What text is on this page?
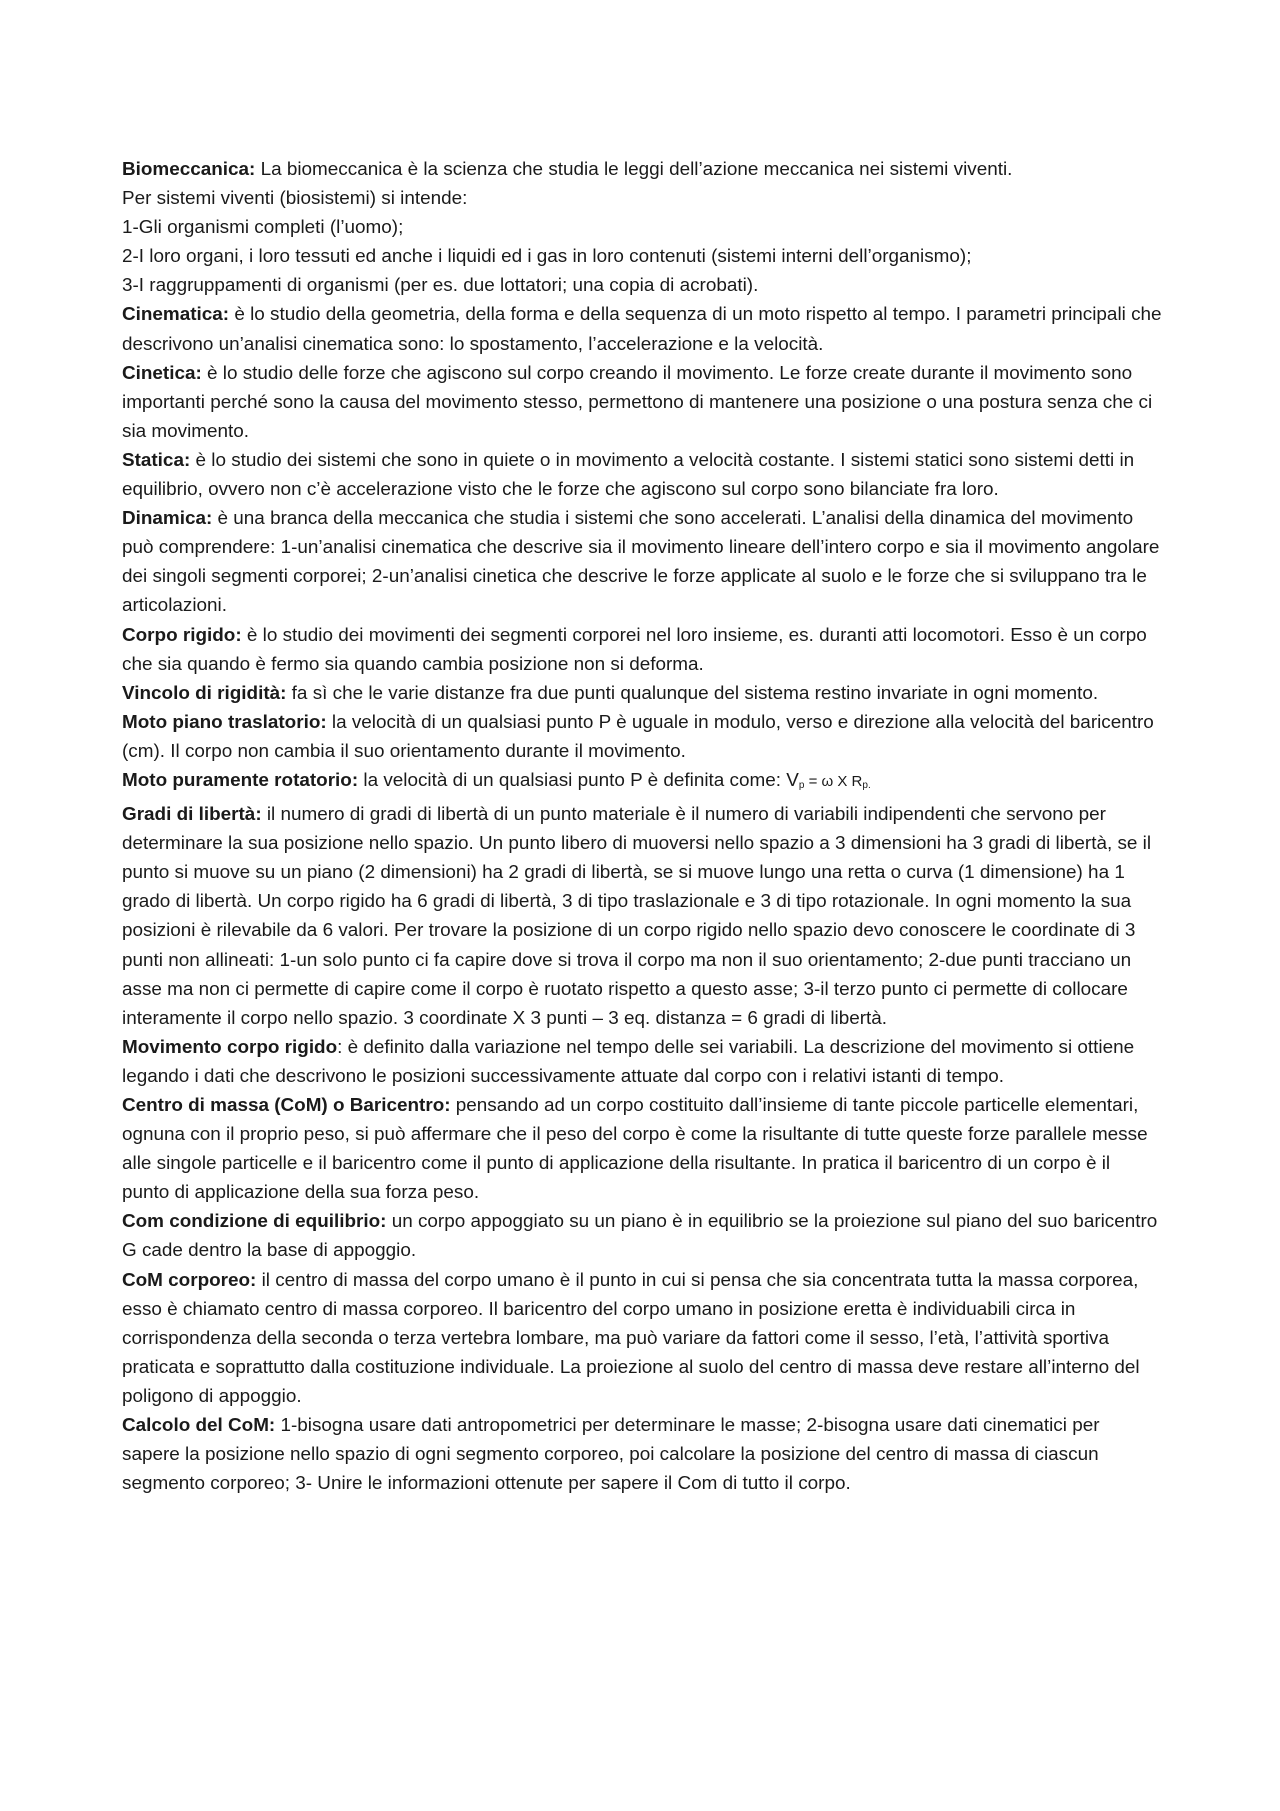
Biomeccanica: La biomeccanica è la scienza che studia le leggi dell’azione meccanica nei sistemi viventi.

Per sistemi viventi (biosistemi) si intende:

1-Gli organismi completi (l’uomo);

2-I loro organi, i loro tessuti ed anche i liquidi ed i gas in loro contenuti (sistemi interni dell’organismo);

3-I raggruppamenti di organismi (per es. due lottatori; una copia di acrobati).

Cinematica: è lo studio della geometria, della forma e della sequenza di un moto rispetto al tempo. I parametri principali che descrivono un’analisi cinematica sono: lo spostamento, l’accelerazione e la velocità.

Cinetica: è lo studio delle forze che agiscono sul corpo creando il movimento. Le forze create durante il movimento sono importanti perché sono la causa del movimento stesso, permettono di mantenere una posizione o una postura senza che ci sia movimento.

Statica: è lo studio dei sistemi che sono in quiete o in movimento a velocità costante. I sistemi statici sono sistemi detti in equilibrio, ovvero non c’è accelerazione visto che le forze che agiscono sul corpo sono bilanciate fra loro.

Dinamica: è una branca della meccanica che studia i sistemi che sono accelerati. L’analisi della dinamica del movimento può comprendere: 1-un’analisi cinematica che descrive sia il movimento lineare dell’intero corpo e sia il movimento angolare dei singoli segmenti corporei; 2-un’analisi cinetica che descrive le forze applicate al suolo e le forze che si sviluppano tra le articolazioni.

Corpo rigido: è lo studio dei movimenti dei segmenti corporei nel loro insieme, es. duranti atti locomotori. Esso è un corpo che sia quando è fermo sia quando cambia posizione non si deforma.

Vincolo di rigidità: fa sì che le varie distanze fra due punti qualunque del sistema restino invariate in ogni momento.

Moto piano traslatorio: la velocità di un qualsiasi punto P è uguale in modulo, verso e direzione alla velocità del baricentro (cm). Il corpo non cambia il suo orientamento durante il movimento.

Moto puramente rotatorio: la velocità di un qualsiasi punto P è definita come: $V_p = \omega$ X $R_{p.}$

Gradi di libertà: il numero di gradi di libertà di un punto materiale è il numero di variabili indipendenti che servono per determinare la sua posizione nello spazio. Un punto libero di muoversi nello spazio a 3 dimensioni ha 3 gradi di libertà, se il punto si muove su un piano (2 dimensioni) ha 2 gradi di libertà, se si muove lungo una retta o curva (1 dimensione) ha 1 grado di libertà. Un corpo rigido ha 6 gradi di libertà, 3 di tipo traslazionale e 3 di tipo rotazionale. In ogni momento la sua posizioni è rilevabile da 6 valori. Per trovare la posizione di un corpo rigido nello spazio devo conoscere le coordinate di 3 punti non allineati: 1-un solo punto ci fa capire dove si trova il corpo ma non il suo orientamento; 2-due punti tracciano un asse ma non ci permette di capire come il corpo è ruotato rispetto a questo asse; 3-il terzo punto ci permette di collocare interamente il corpo nello spazio. 3 coordinate X 3 punti – 3 eq. distanza = 6 gradi di libertà.

Movimento corpo rigido: è definito dalla variazione nel tempo delle sei variabili. La descrizione del movimento si ottiene legando i dati che descrivono le posizioni successivamente attuate dal corpo con i relativi istanti di tempo.

Centro di massa (CoM) o Baricentro: pensando ad un corpo costituito dall’insieme di tante piccole particelle elementari, ognuna con il proprio peso, si può affermare che il peso del corpo è come la risultante di tutte queste forze parallele messe alle singole particelle e il baricentro come il punto di applicazione della risultante. In pratica il baricentro di un corpo è il punto di applicazione della sua forza peso.

Com condizione di equilibrio: un corpo appoggiato su un piano è in equilibrio se la proiezione sul piano del suo baricentro G cade dentro la base di appoggio.

CoM corporeo: il centro di massa del corpo umano è il punto in cui si pensa che sia concentrata tutta la massa corporea, esso è chiamato centro di massa corporeo. Il baricentro del corpo umano in posizione eretta è individuabili circa in corrispondenza della seconda o terza vertebra lombare, ma può variare da fattori come il sesso, l’età, l’attività sportiva praticata e soprattutto dalla costituzione individuale. La proiezione al suolo del centro di massa deve restare all’interno del poligono di appoggio.

Calcolo del CoM: 1-bisogna usare dati antropometrici per determinare le masse; 2-bisogna usare dati cinematici per sapere la posizione nello spazio di ogni segmento corporeo, poi calcolare la posizione del centro di massa di ciascun segmento corporeo; 3- Unire le informazioni ottenute per sapere il Com di tutto il corpo.
